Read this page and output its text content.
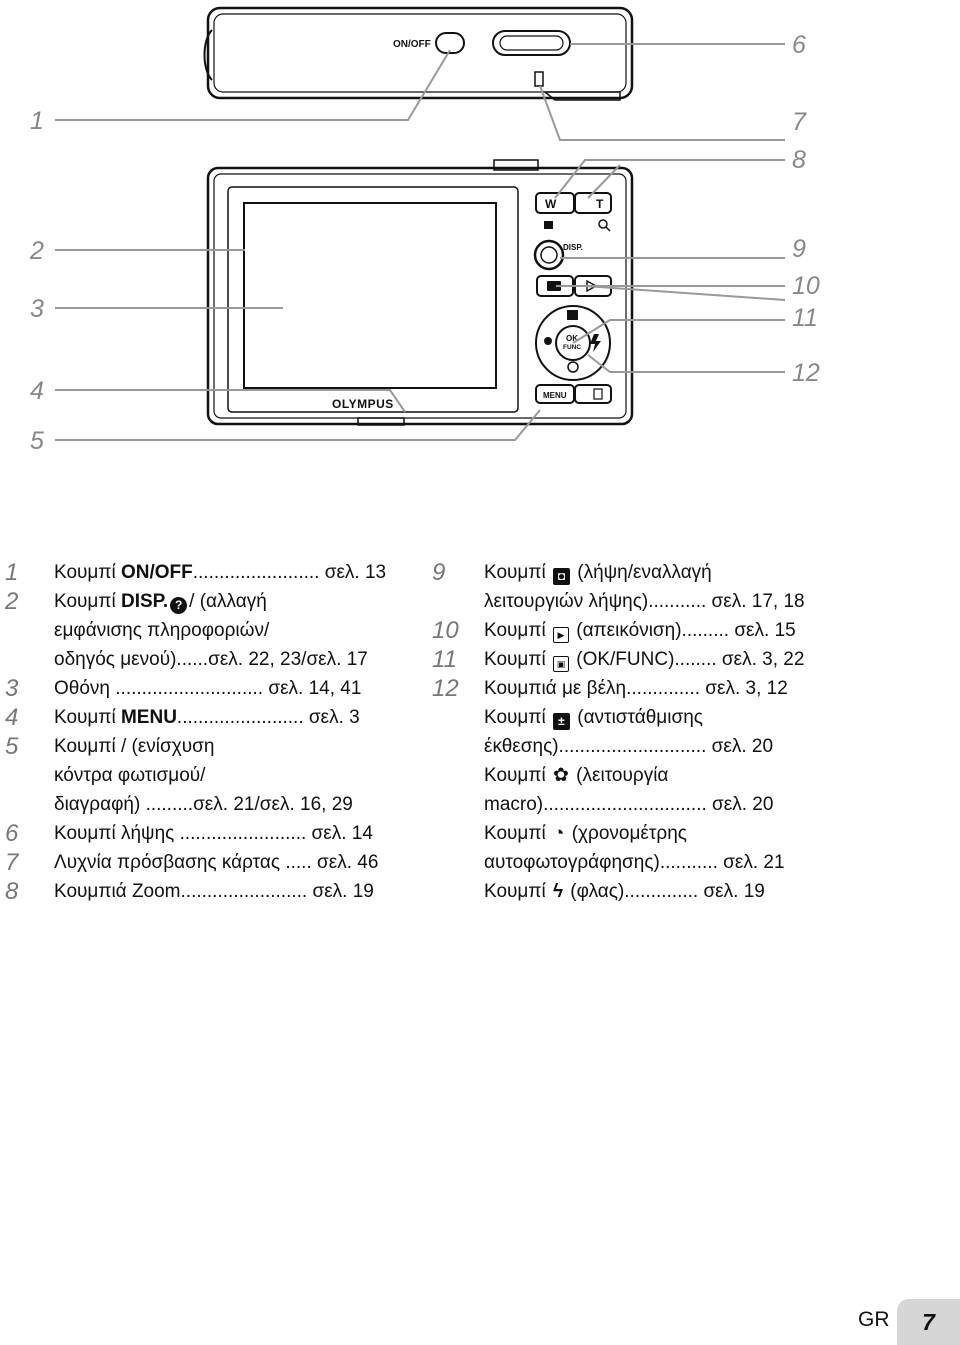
ON/OFF
W	T
DISP.
OK
FUNC
MENU
OLYMPUS
1
2
3
4
5
6
7
8
9
10
11
12
1	Κουμπί ON/OFF........................ σελ. 13
2	Κουμπί DISP. ? / (αλλαγή
εμφάνισης πληροφοριών/
οδηγός μενού)......σελ. 22, 23/σελ. 17
3	Οθόνη ............................ σελ. 14, 41
4	Κουμπί MENU........................ σελ. 3
5	Κουμπί / (ενίσχυση
κόντρα φωτισμού/
διαγραφή) .........σελ. 21/σελ. 16, 29
6	Κουμπί λήψης ........................ σελ. 14
7	Λυχνία πρόσβασης κάρτας ..... σελ. 46
8	Κουμπιά Zoom........................ σελ. 19
9	Κουμπί ◘ (λήψη/εναλλαγή
λειτουργιών λήψης)........... σελ. 17, 18
10	Κουμπί ▶ (απεικόνιση)......... σελ. 15
11	Κουμπί ▣ (OK/FUNC)........ σελ. 3, 22
12	Κουμπιά με βέλη.............. σελ. 3, 12
Κουμπί ± (αντιστάθμισης
έκθεσης)............................ σελ. 20
Κουμπί ✿ (λειτουργία
macro)............................... σελ. 20
Κουμπί ◔ (χρονομέτρης
αυτοφωτογράφησης)........... σελ. 21
Κουμπί ϟ (φλας).............. σελ. 19
GR	7
